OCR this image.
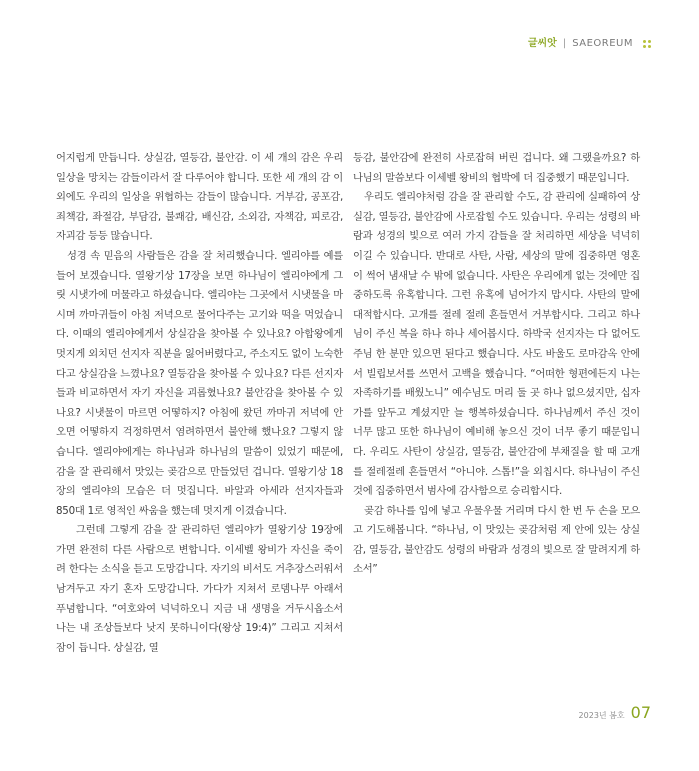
글씨앗 | SAEOREUM

어지럽게 만듭니다. 상실감, 열등감, 불안감. 이 세 개의 감은 우리 일상을 망치는 감들이라서 잘 다루어야 합니다. 또한 세 개의 감 이외에도 우리의 일상을 위협하는 감들이 많습니다. 거부감, 공포감, 죄책감, 좌절감, 부담감, 불쾌감, 배신감, 소외감, 자책감, 피로감, 자괴감 등등 많습니다.

성경 속 믿음의 사람들은 감을 잘 처리했습니다. 엘리야를 예를 들어 보겠습니다. 열왕기상 17장을 보면 하나님이 엘리야에게 그릿 시냇가에 머물라고 하셨습니다. 엘리야는 그곳에서 시냇물을 마시며 까마귀들이 아침 저녁으로 물어다주는 고기와 떡을 먹었습니다. 이때의 엘리야에게서 상실감을 찾아볼 수 있나요? 아합왕에게 멋지게 외치던 선지자 직분을 잃어버렸다고, 주소지도 없이 노숙한다고 상실감을 느꼈나요? 열등감을 찾아볼 수 있나요? 다른 선지자들과 비교하면서 자기 자신을 괴롭혔나요? 불안감을 찾아볼 수 있나요? 시냇물이 마르면 어떻하지? 아침에 왔던 까마귀 저녁에 안 오면 어떻하지 걱정하면서 염려하면서 불안해 했나요? 그렇지 않습니다. 엘리야에게는 하나님과 하나님의 말씀이 있었기 때문에, 감을 잘 관리해서 맛있는 곶감으로 만들었던 겁니다. 열왕기상 18장의 엘리야의 모습은 더 멋집니다. 바알과 아세라 선지자들과 850대 1로 영적인 싸움을 했는데 멋지게 이겼습니다.

그런데 그렇게 감을 잘 관리하던 엘리야가 열왕기상 19장에 가면 완전히 다른 사람으로 변합니다. 이세벨 왕비가 자신을 죽이려 한다는 소식을 듣고 도망갑니다. 자기의 비서도 거추장스러워서 남겨두고 자기 혼자 도망갑니다. 가다가 지쳐서 로뎀나무 아래서 푸념합니다. “여호와여 넉넉하오니 지금 내 생명을 거두시옵소서 나는 내 조상들보다 낫지 못하니이다(왕상 19:4)” 그리고 지쳐서 잠이 듭니다. 상실감, 열

등감, 불안감에 완전히 사로잡혀 버린 겁니다. 왜 그랬을까요? 하나님의 말씀보다 이세벨 왕비의 협박에 더 집중했기 때문입니다.

우리도 엘리야처럼 감을 잘 관리할 수도, 감 관리에 실패하여 상실감, 열등감, 불안감에 사로잡힐 수도 있습니다. 우리는 성령의 바람과 성경의 빛으로 여러 가지 감들을 잘 처리하면 세상을 넉넉히 이길 수 있습니다. 반대로 사탄, 사람, 세상의 말에 집중하면 영혼이 썩어 냄새날 수 밖에 없습니다. 사탄은 우리에게 없는 것에만 집중하도록 유혹합니다. 그런 유혹에 넘어가지 맙시다. 사탄의 말에 대적합시다. 고개를 절레 절레 흔들면서 거부합시다. 그리고 하나님이 주신 복을 하나 하나 세어봅시다. 하박국 선지자는 다 없어도 주님 한 분만 있으면 된다고 했습니다. 사도 바울도 로마감옥 안에서 빌립보서를 쓰면서 고백을 했습니다. “어떠한 형편에든지 나는 자족하기를 배웠노니” 예수님도 머리 둘 곳 하나 없으셨지만, 십자가를 앞두고 계셨지만 늘 행복하셨습니다. 하나님께서 주신 것이 너무 많고 또한 하나님이 예비해 놓으신 것이 너무 좋기 때문입니다. 우리도 사탄이 상실감, 열등감, 불안감에 부채질을 할 때 고개를 절레절레 흔들면서 “아니야. 스톱!”을 외칩시다. 하나님이 주신 것에 집중하면서 범사에 감사함으로 승리합시다.

곶감 하나를 입에 넣고 우물우물 거리며 다시 한 번 두 손을 모으고 기도해봅니다. “하나님, 이 맛있는 곶감처럼 제 안에 있는 상실감, 열등감, 불안감도 성령의 바람과 성경의 빛으로 잘 말려지게 하소서”

2023년 봄호 07
